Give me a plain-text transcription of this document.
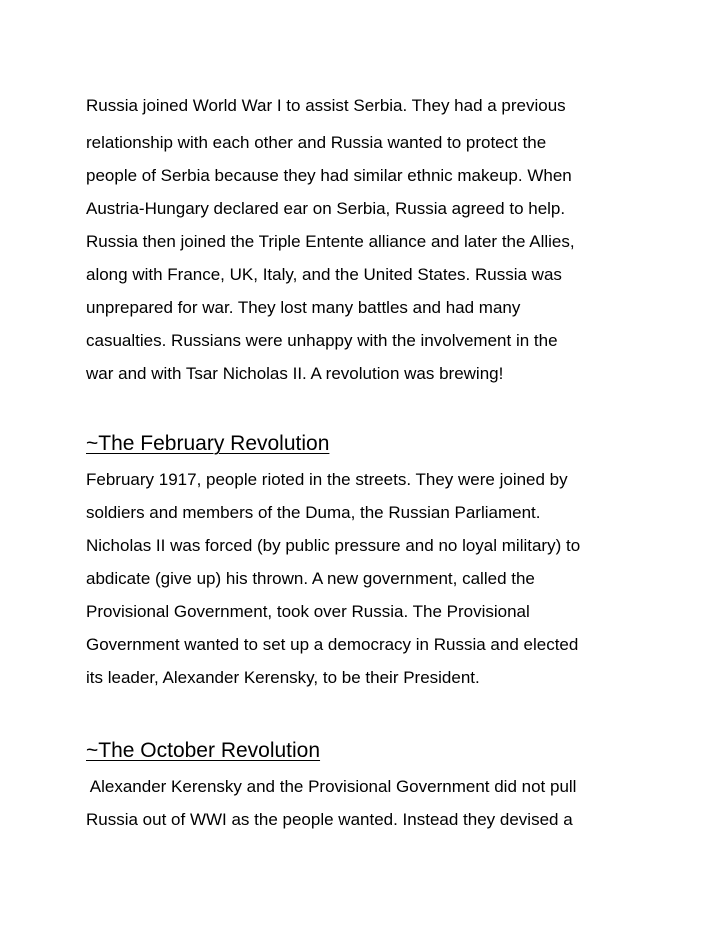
Russia joined World War I to assist Serbia. They had a previous
relationship with each other and Russia wanted to protect the
people of Serbia because they had similar ethnic makeup. When
Austria-Hungary declared ear on Serbia, Russia agreed to help.
Russia then joined the Triple Entente alliance and later the Allies,
along with France, UK, Italy, and the United States. Russia was
unprepared for war. They lost many battles and had many
casualties. Russians were unhappy with the involvement in the
war and with Tsar Nicholas II. A revolution was brewing!
~The February Revolution
February 1917, people rioted in the streets. They were joined by
soldiers and members of the Duma, the Russian Parliament.
Nicholas II was forced (by public pressure and no loyal military) to
abdicate (give up) his thrown. A new government, called the
Provisional Government, took over Russia. The Provisional
Government wanted to set up a democracy in Russia and elected
its leader, Alexander Kerensky, to be their President.
~The October Revolution
Alexander Kerensky and the Provisional Government did not pull
Russia out of WWI as the people wanted. Instead they devised a
